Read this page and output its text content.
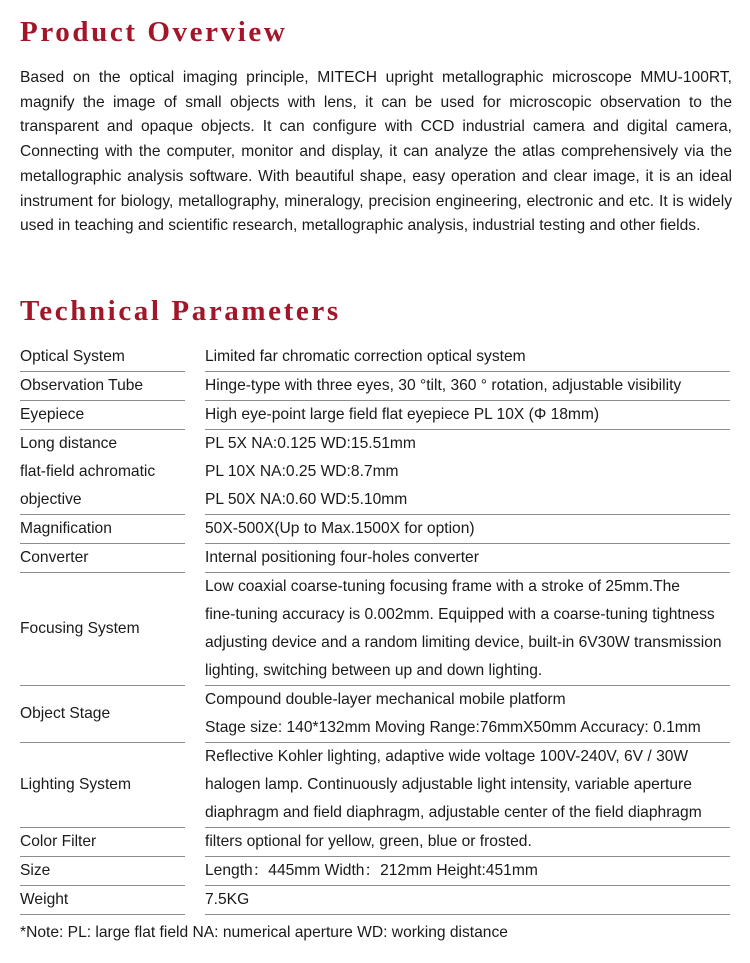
Product Overview

Based on the optical imaging principle, MITECH upright metallographic microscope MMU-100RT, magnify the image of small objects with lens, it can be used for microscopic observation to the transparent and opaque objects. It can configure with CCD industrial camera and digital camera, Connecting with the computer, monitor and display, it can analyze the atlas comprehensively via the metallographic analysis software. With beautiful shape, easy operation and clear image, it is an ideal instrument for biology, metallography, mineralogy, precision engineering, electronic and etc. It is widely used in teaching and scientific research, metallographic analysis, industrial testing and other fields.

Technical Parameters
Optical System		Limited far chromatic correction optical system
Observation Tube		Hinge-type with three eyes, 30 °tilt, 360 ° rotation, adjustable visibility
Eyepiece		High eye-point large field flat eyepiece PL 10X (Φ 18mm)
Long distance		PL 5X NA:0.125 WD:15.51mm
flat-field achromatic		PL 10X NA:0.25 WD:8.7mm
objective		PL 50X NA:0.60 WD:5.10mm
Magnification		50X-500X(Up to Max.1500X for option)
Converter		Internal positioning four-holes converter
Focusing System		Low coaxial coarse-tuning focusing frame with a stroke of 25mm.The
fine-tuning accuracy is 0.002mm. Equipped with a coarse-tuning tightness
adjusting device and a random limiting device, built-in 6V30W transmission
lighting, switching between up and down lighting.

Object Stage		Compound double-layer mechanical mobile platform
Stage size: 140*132mm Moving Range:76mmX50mm Accuracy: 0.1mm

Lighting System		Reflective Kohler lighting, adaptive wide voltage 100V-240V, 6V / 30W
halogen lamp. Continuously adjustable light intensity, variable aperture
diaphragm and field diaphragm, adjustable center of the field diaphragm

Color Filter		filters optional for yellow, green, blue or frosted.
Size		Length：445mm Width：212mm Height:451mm
Weight		7.5KG

*Note: PL: large flat field NA: numerical aperture WD: working distance
